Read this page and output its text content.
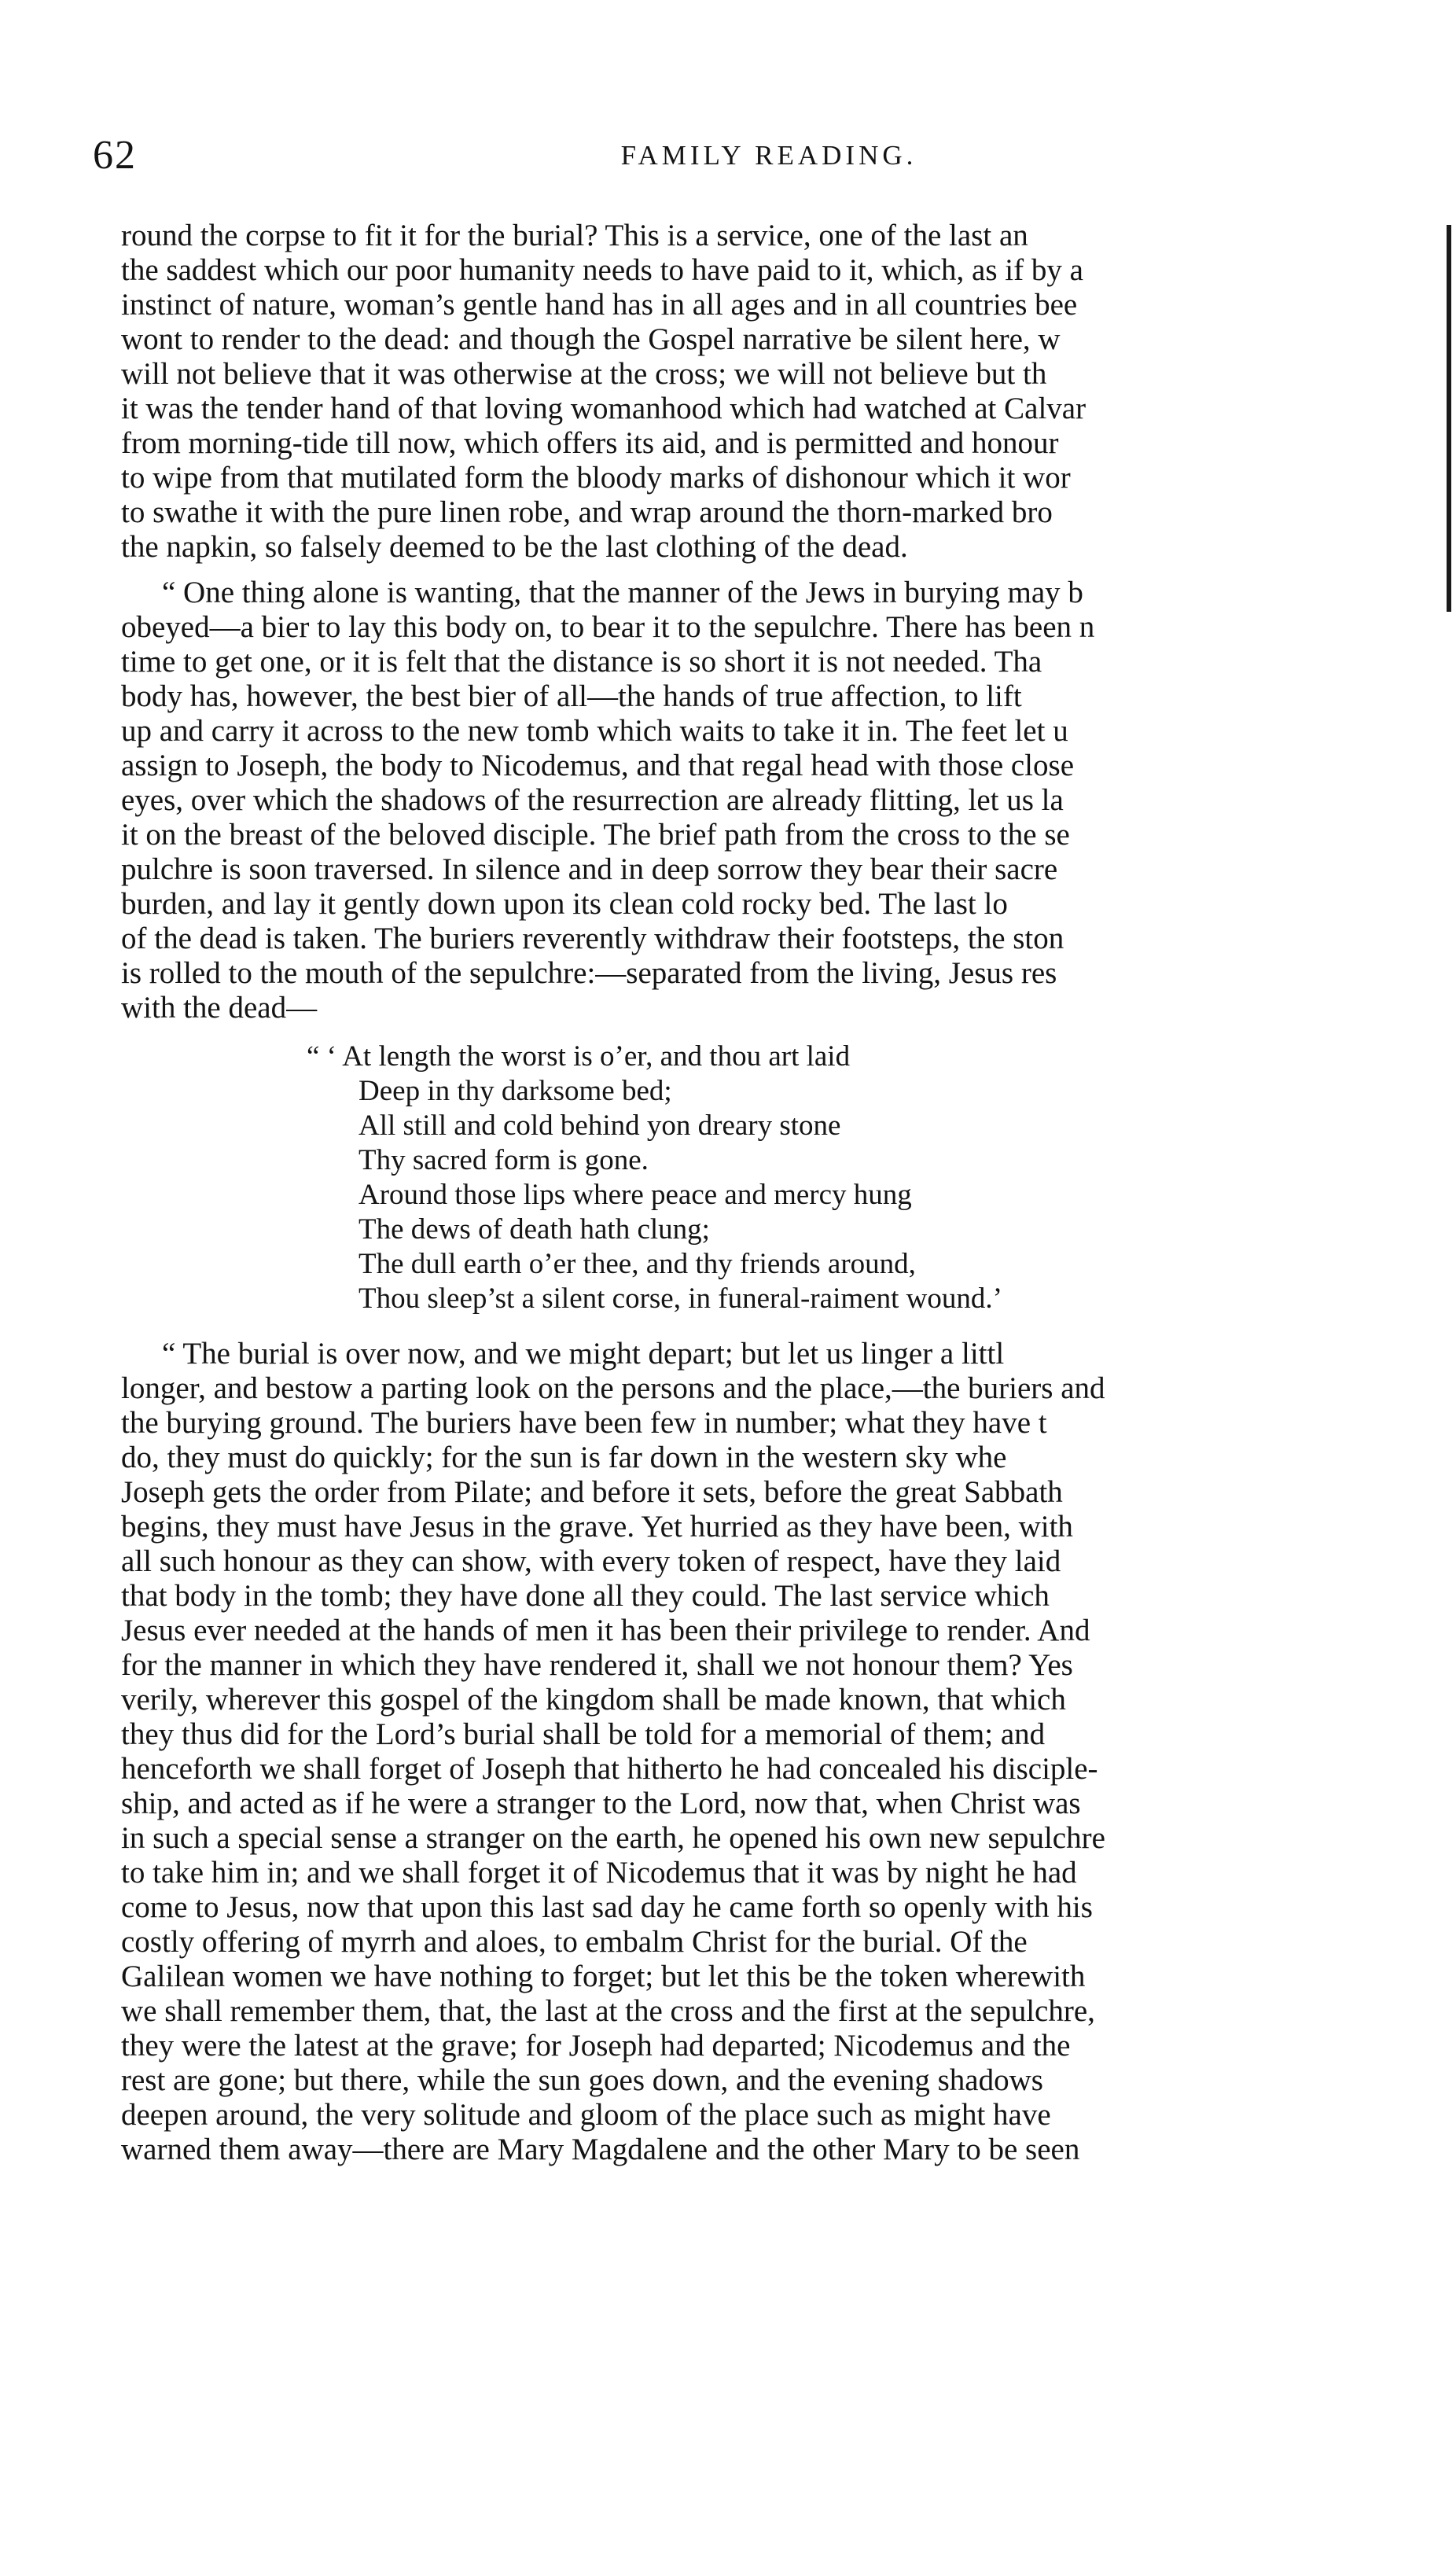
62	FAMILY READING.
round the corpse to fit it for the burial? This is a service, one of the last an
the saddest which our poor humanity needs to have paid to it, which, as if by a
instinct of nature, woman’s gentle hand has in all ages and in all countries bee
wont to render to the dead: and though the Gospel narrative be silent here, w
will not believe that it was otherwise at the cross; we will not believe but th
it was the tender hand of that loving womanhood which had watched at Calvar
from morning-tide till now, which offers its aid, and is permitted and honour
to wipe from that mutilated form the bloody marks of dishonour which it wor
to swathe it with the pure linen robe, and wrap around the thorn-marked bro
the napkin, so falsely deemed to be the last clothing of the dead.
“ One thing alone is wanting, that the manner of the Jews in burying may b
obeyed—a bier to lay this body on, to bear it to the sepulchre. There has been n
time to get one, or it is felt that the distance is so short it is not needed. Tha
body has, however, the best bier of all—the hands of true affection, to lift
up and carry it across to the new tomb which waits to take it in. The feet let u
assign to Joseph, the body to Nicodemus, and that regal head with those close
eyes, over which the shadows of the resurrection are already flitting, let us la
it on the breast of the beloved disciple. The brief path from the cross to the se
pulchre is soon traversed. In silence and in deep sorrow they bear their sacre
burden, and lay it gently down upon its clean cold rocky bed. The last lo
of the dead is taken. The buriers reverently withdraw their footsteps, the ston
is rolled to the mouth of the sepulchre:—separated from the living, Jesus res
with the dead—
“ ‘ At length the worst is o’er, and thou art laid
Deep in thy darksome bed;
All still and cold behind yon dreary stone
Thy sacred form is gone.
Around those lips where peace and mercy hung
The dews of death hath clung;
The dull earth o’er thee, and thy friends around,
Thou sleep’st a silent corse, in funeral-raiment wound.’
“ The burial is over now, and we might depart; but let us linger a littl
longer, and bestow a parting look on the persons and the place,—the buriers and
the burying ground. The buriers have been few in number; what they have t
do, they must do quickly; for the sun is far down in the western sky whe
Joseph gets the order from Pilate; and before it sets, before the great Sabbath
begins, they must have Jesus in the grave. Yet hurried as they have been, with
all such honour as they can show, with every token of respect, have they laid
that body in the tomb; they have done all they could. The last service which
Jesus ever needed at the hands of men it has been their privilege to render. And
for the manner in which they have rendered it, shall we not honour them? Yes
verily, wherever this gospel of the kingdom shall be made known, that which
they thus did for the Lord’s burial shall be told for a memorial of them; and
henceforth we shall forget of Joseph that hitherto he had concealed his disciple-
ship, and acted as if he were a stranger to the Lord, now that, when Christ was
in such a special sense a stranger on the earth, he opened his own new sepulchre
to take him in; and we shall forget it of Nicodemus that it was by night he had
come to Jesus, now that upon this last sad day he came forth so openly with his
costly offering of myrrh and aloes, to embalm Christ for the burial. Of the
Galilean women we have nothing to forget; but let this be the token wherewith
we shall remember them, that, the last at the cross and the first at the sepulchre,
they were the latest at the grave; for Joseph had departed; Nicodemus and the
rest are gone; but there, while the sun goes down, and the evening shadows
deepen around, the very solitude and gloom of the place such as might have
warned them away—there are Mary Magdalene and the other Mary to be seen
